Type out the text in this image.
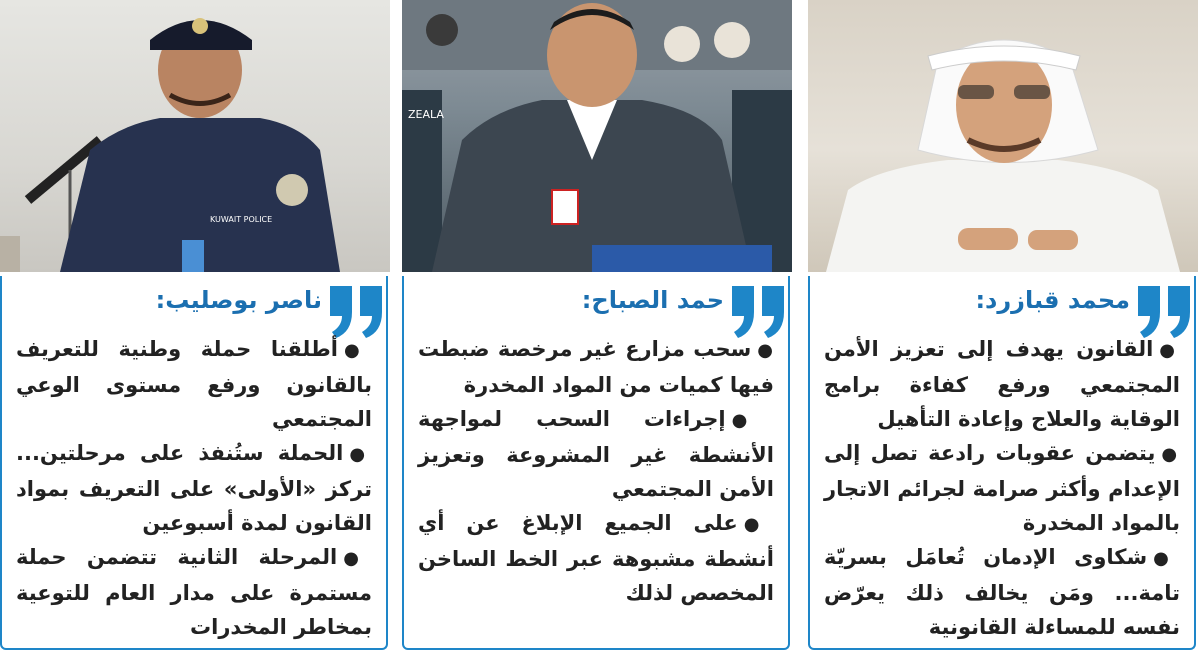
محمد قبازرد:
●القانون يهدف إلى تعزيز الأمن المجتمعي ورفع كفاءة برامج الوقاية والعلاج وإعادة التأهيل
●يتضمن عقوبات رادعة تصل إلى الإعدام وأكثر صرامة لجرائم الاتجار بالمواد المخدرة
●شكاوى الإدمان تُعامَل بسريّة تامة... ومَن يخالف ذلك يعرّض نفسه للمساءلة القانونية
ZEALA
حمد الصباح:
●سحب مزارع غير مرخصة ضبطت فيها كميات من المواد المخدرة
●إجراءات السحب لمواجهة الأنشطة غير المشروعة وتعزيز الأمن المجتمعي
●على الجميع الإبلاغ عن أي أنشطة مشبوهة عبر الخط الساخن المخصص لذلك
KUWAIT POLICE
ناصر بوصليب:
●أطلقنا حملة وطنية للتعريف بالقانون ورفع مستوى الوعي المجتمعي
●الحملة ستُنفذ على مرحلتين... تركز «الأولى» على التعريف بمواد القانون لمدة أسبوعين
●المرحلة الثانية تتضمن حملة مستمرة على مدار العام للتوعية بمخاطر المخدرات
